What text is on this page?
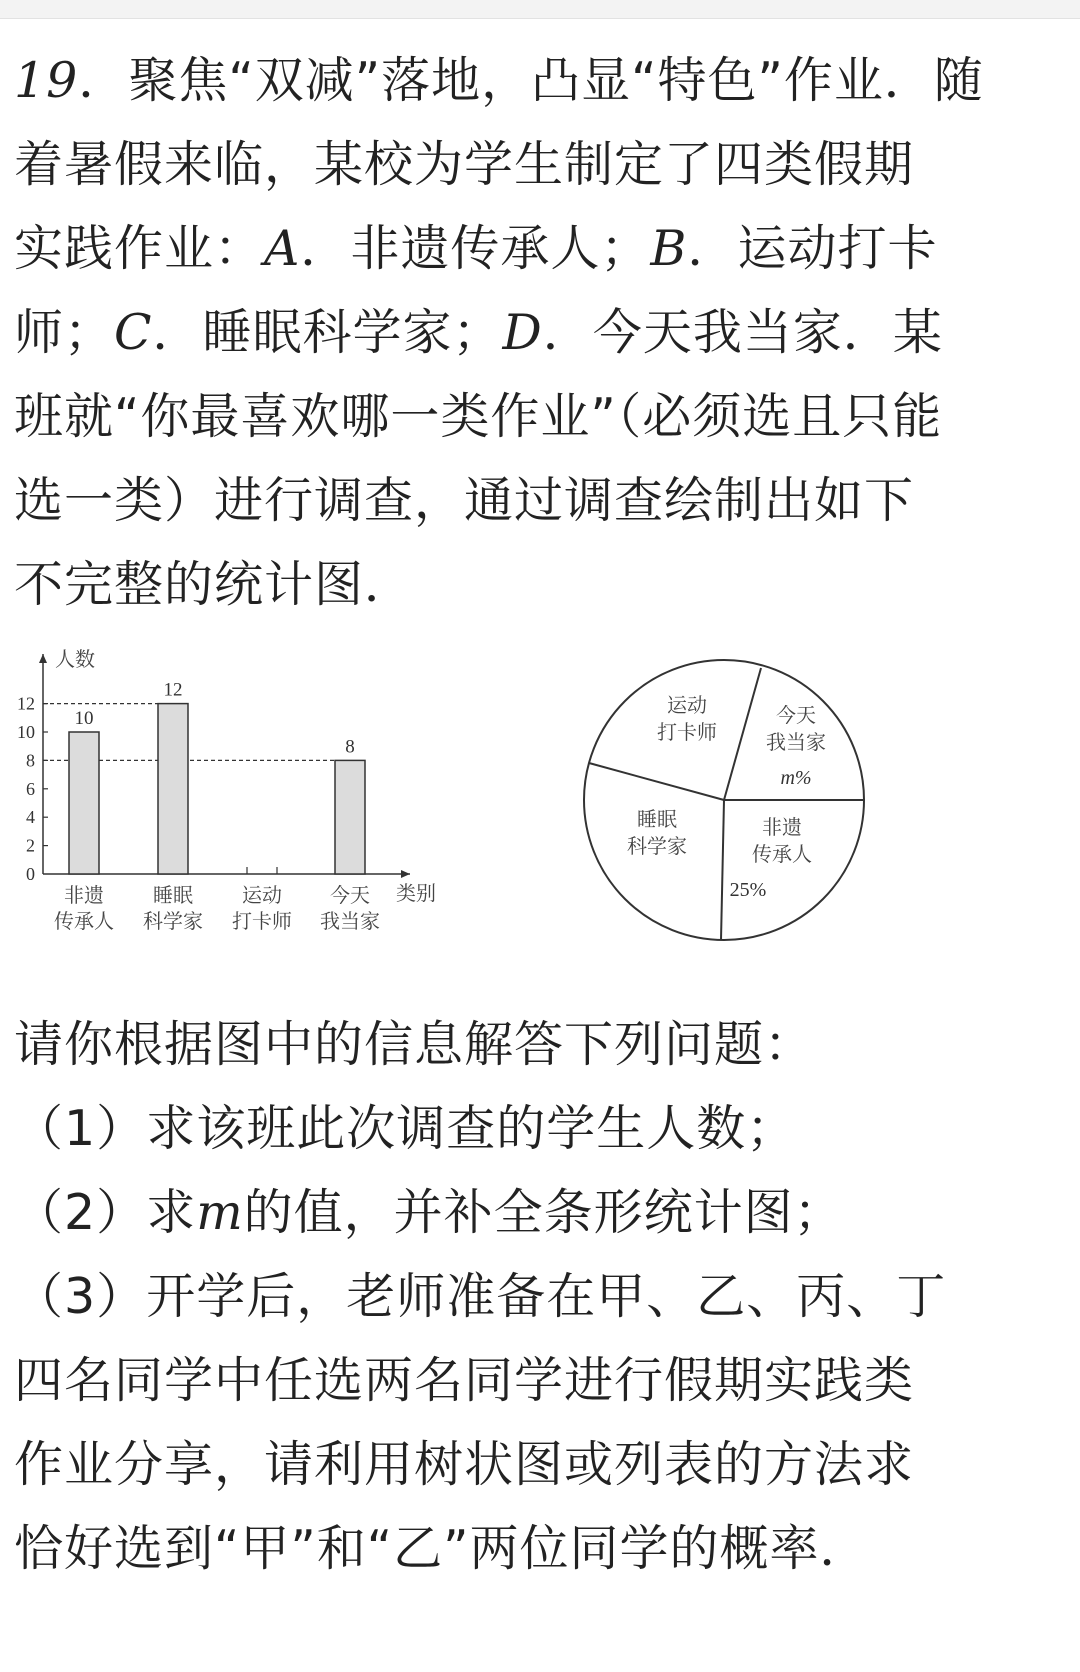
19．聚焦“双减”落地，凸显“特色”作业．随
着暑假来临，某校为学生制定了四类假期
实践作业：A．非遗传承人；B．运动打卡
师；C．睡眠科学家；D．今天我当家．某
班就“你最喜欢哪一类作业”（必须选且只能
选一类）进行调查，通过调查绘制出如下
不完整的统计图．
人数
类别
0
2
4
6
8
10
12
10
非遗
传承人
12
睡眠
科学家
运动
打卡师
8
今天
我当家
运动
打卡师
今天
我当家
m%
非遗
传承人
25%
睡眠
科学家
请你根据图中的信息解答下列问题：
（1）求该班此次调查的学生人数；
（2）求m的值，并补全条形统计图；
（3）开学后，老师准备在甲、乙、丙、丁
四名同学中任选两名同学进行假期实践类
作业分享，请利用树状图或列表的方法求
恰好选到“甲”和“乙”两位同学的概率．
